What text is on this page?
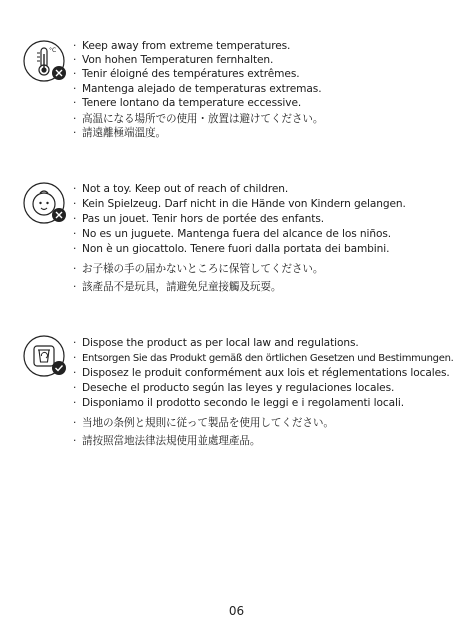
°C · Keep away from extreme temperatures.
· Von hohen Temperaturen fernhalten.
· Tenir éloigné des températures extrêmes.
· Mantenga alejado de temperaturas extremas.
· Tenere lontano da temperature eccessive.
· 高温になる場所での使用・放置は避けてください。
· 請遠離極端溫度。
· Not a toy. Keep out of reach of children.
· Kein Spielzeug. Darf nicht in die Hände von Kindern gelangen.
· Pas un jouet. Tenir hors de portée des enfants.
· No es un juguete. Mantenga fuera del alcance de los niños.
· Non è un giocattolo. Tenere fuori dalla portata dei bambini.
· お子様の手の届かないところに保管してください。
· 該產品不是玩具，請避免兒童接觸及玩耍。
· Dispose the product as per local law and regulations.
· Entsorgen Sie das Produkt gemäß den örtlichen Gesetzen und Bestimmungen.
· Disposez le produit conformément aux lois et réglementations locales.
· Deseche el producto según las leyes y regulaciones locales.
· Disponiamo il prodotto secondo le leggi e i regolamenti locali.
· 当地の条例と規則に従って製品を使用してください。
· 請按照當地法律法規使用並處理產品。
06
